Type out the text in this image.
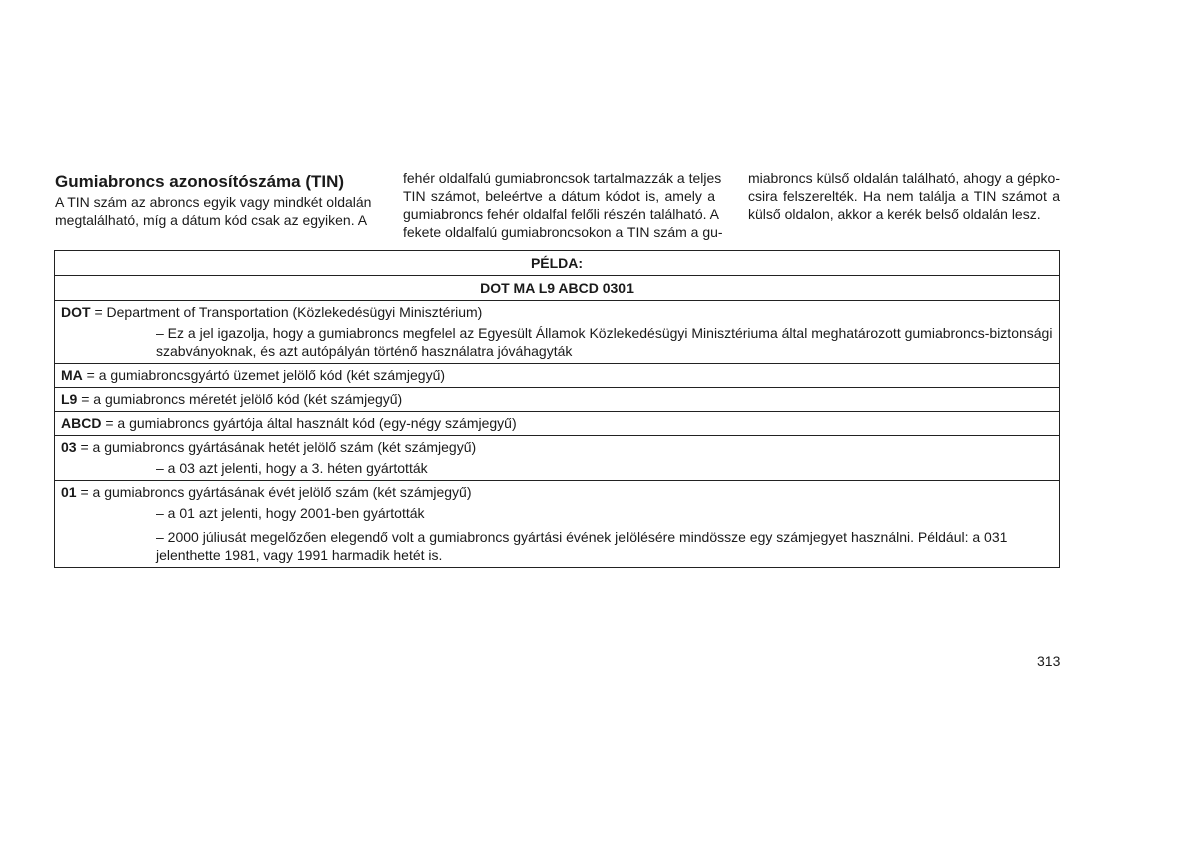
Gumiabroncs azonosítószáma (TIN)
A TIN szám az abroncs egyik vagy mindkét oldalán
megtalálható, míg a dátum kód csak az egyiken. A
fehér oldalfalú gumiabroncsok tartalmazzák a teljes
TIN számot, beleértve a dátum kódot is, amely a
gumiabroncs fehér oldalfal felőli részén található. A
fekete oldalfalú gumiabroncsokon a TIN szám a gu-
miabroncs külső oldalán található, ahogy a gépko-
csira felszerelték. Ha nem találja a TIN számot a
külső oldalon, akkor a kerék belső oldalán lesz.
PÉLDA:
DOT MA L9 ABCD 0301
DOT = Department of Transportation (Közlekedésügyi Minisztérium)
– Ez a jel igazolja, hogy a gumiabroncs megfelel az Egyesült Államok Közlekedésügyi Minisztériuma által meghatározott gumiabroncs-biztonsági szabványoknak, és azt autópályán történő használatra jóváhagyták
MA = a gumiabroncsgyártó üzemet jelölő kód (két számjegyű)
L9 = a gumiabroncs méretét jelölő kód (két számjegyű)
ABCD = a gumiabroncs gyártója által használt kód (egy-négy számjegyű)
03 = a gumiabroncs gyártásának hetét jelölő szám (két számjegyű)
– a 03 azt jelenti, hogy a 3. héten gyártották
01 = a gumiabroncs gyártásának évét jelölő szám (két számjegyű)
– a 01 azt jelenti, hogy 2001-ben gyártották
– 2000 júliusát megelőzően elegendő volt a gumiabroncs gyártási évének jelölésére mindössze egy számjegyet használni. Például: a 031 jelenthette 1981, vagy 1991 harmadik hetét is.
313
